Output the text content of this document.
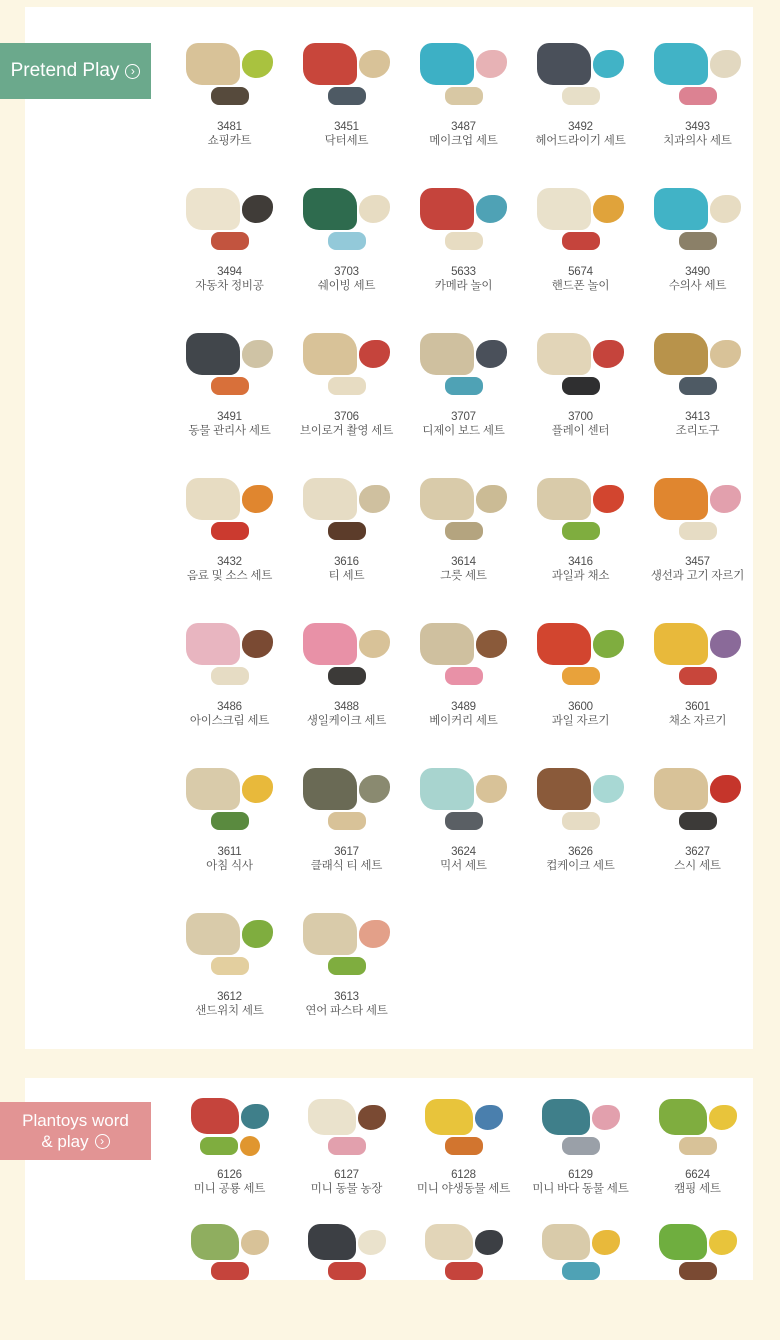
3481
쇼핑카트
3451
닥터세트
3487
메이크업 세트
3492
헤어드라이기 세트
3493
치과의사 세트
3494
자동차 정비공
3703
쉐이빙 세트
5633
카메라 놀이
5674
핸드폰 놀이
3490
수의사 세트
3491
동물 관리사 세트
3706
브이로거 촬영 세트
3707
디제이 보드 세트
3700
플레이 센터
3413
조리도구
3432
음료 및 소스 세트
3616
티 세트
3614
그릇 세트
3416
과일과 채소
3457
생선과 고기 자르기
3486
아이스크림 세트
3488
생일케이크 세트
3489
베이커리 세트
3600
과일 자르기
3601
채소 자르기
3611
아침 식사
3617
클래식 티 세트
3624
믹서 세트
3626
컵케이크 세트
3627
스시 세트
3612
샌드위치 세트
3613
연어 파스타 세트
6126
미니 공룡 세트
6127
미니 동물 농장
6128
미니 야생동물 세트
6129
미니 바다 동물 세트
6624
캠핑 세트
Pretend Play ›
Plantoys word
& play ›
